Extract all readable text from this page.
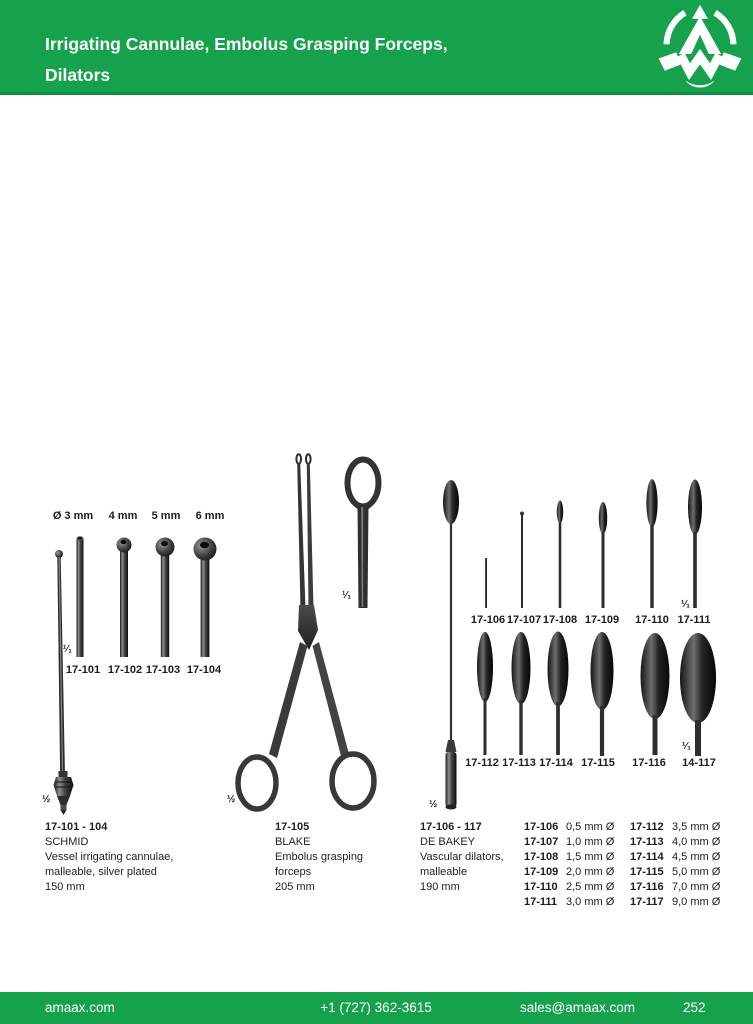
Irrigating Cannulae, Embolus Grasping Forceps,
Dilators
Ø 3 mm 4 mm 5 mm 6 mm
¹⁄₁
17-101 17-102 17-103 17-104
½
¹⁄₁
½
¹⁄₁
17-106 17-107 17-108 17-109 17-110 17-111
¹⁄₁
17-112 17-113 17-114 17-115 17-116 14-117
½
17-101 - 104
SCHMID
Vessel irrigating cannulae,
malleable, silver plated
150 mm
17-105
BLAKE
Embolus grasping
forceps
205 mm
17-106 - 117
DE BAKEY
Vascular dilators,
malleable
190 mm
17-106 0,5 mm Ø
17-107 1,0 mm Ø
17-108 1,5 mm Ø
17-109 2,0 mm Ø
17-110 2,5 mm Ø
17-111 3,0 mm Ø
17-112 3,5 mm Ø
17-113 4,0 mm Ø
17-114 4,5 mm Ø
17-115 5,0 mm Ø
17-116 7,0 mm Ø
17-117 9,0 mm Ø
amaax.com	+1 (727) 362-3615	sales@amaax.com	252
